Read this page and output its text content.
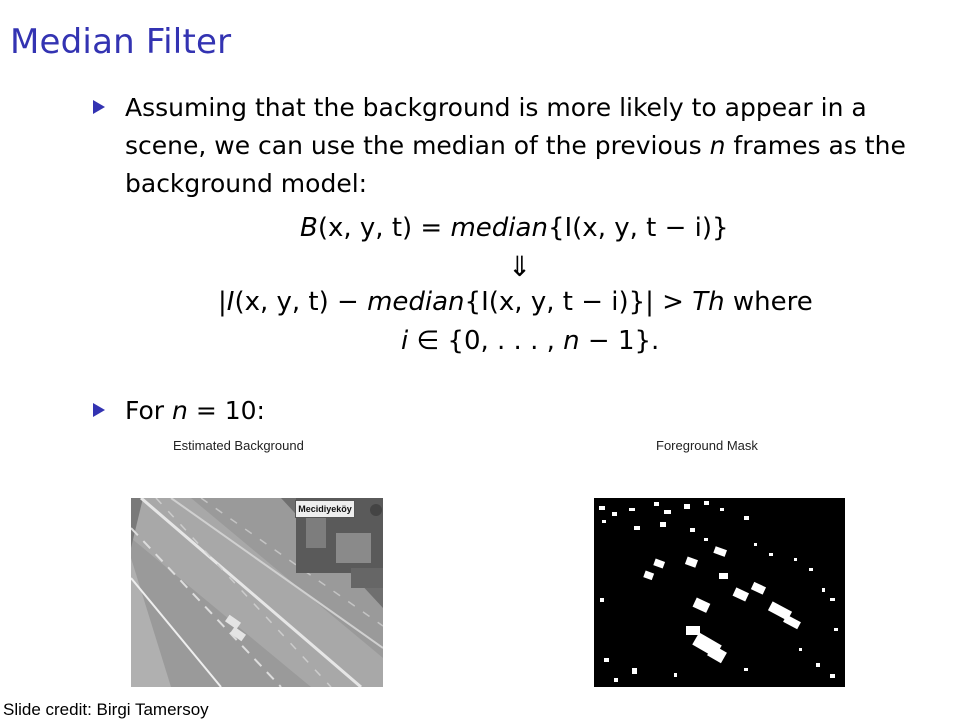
Median Filter
Assuming that the background is more likely to appear in a
scene, we can use the median of the previous n frames as the
background model:
B(x, y, t) = median{I(x, y, t − i)}
⇓
|I(x, y, t) − median{I(x, y, t − i)}| > Th where
i ∈ {0, . . . , n − 1}.
For n = 10:
Estimated Background	Foreground Mask
Mecidiyeköy
Slide credit: Birgi Tamersoy
